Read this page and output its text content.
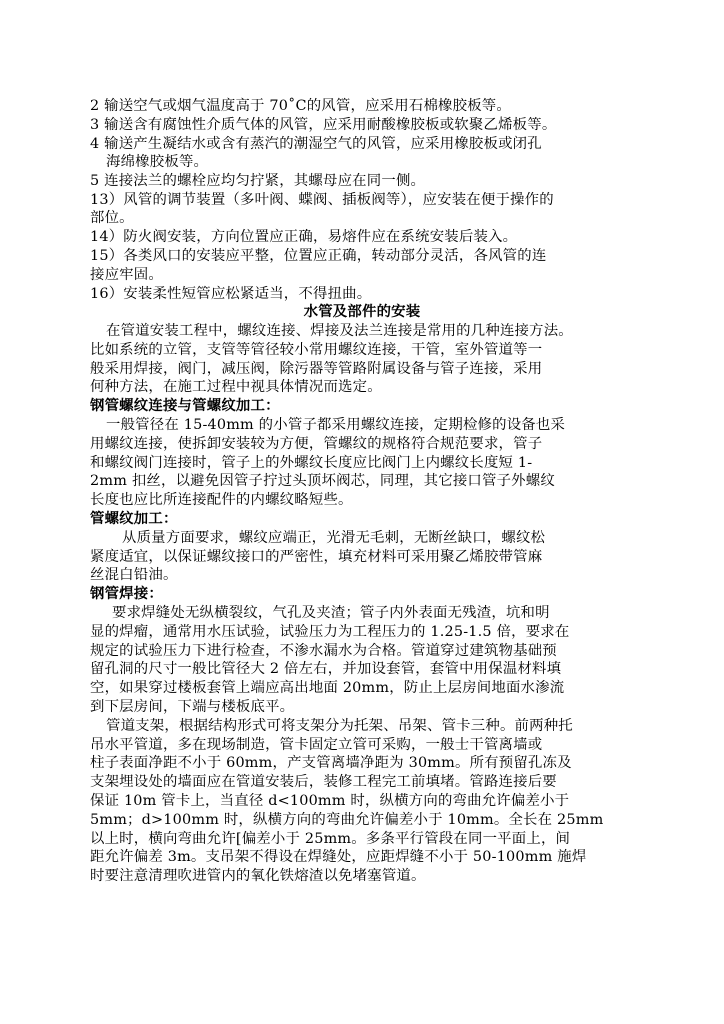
2 输送空气或烟气温度高于 70˚C的风管，应采用石棉橡胶板等。
3 输送含有腐蚀性介质气体的风管，应采用耐酸橡胶板或软聚乙烯板等。
4 输送产生凝结水或含有蒸汽的潮湿空气的风管，应采用橡胶板或闭孔
海绵橡胶板等。
5 连接法兰的螺栓应均匀拧紧，其螺母应在同一侧。
13）风管的调节装置（多叶阀、蝶阀、插板阀等），应安装在便于操作的
部位。
14）防火阀安装，方向位置应正确，易熔件应在系统安装后装入。
15）各类风口的安装应平整，位置应正确，转动部分灵活，各风管的连
接应牢固。
16）安装柔性短管应松紧适当，不得扭曲。
水管及部件的安装
在管道安装工程中，螺纹连接、焊接及法兰连接是常用的几种连接方法。
比如系统的立管，支管等管径较小常用螺纹连接，干管，室外管道等一
般采用焊接，阀门，减压阀，除污器等管路附属设备与管子连接，采用
何种方法，在施工过程中视具体情况而选定。
钢管螺纹连接与管螺纹加工：
一般管径在 15-40mm 的小管子都采用螺纹连接，定期检修的设备也采
用螺纹连接，使拆卸安装较为方便，管螺纹的规格符合规范要求，管子
和螺纹阀门连接时，管子上的外螺纹长度应比阀门上内螺纹长度短 1-
2mm 扣丝，以避免因管子拧过头顶坏阀芯，同理，其它接口管子外螺纹
长度也应比所连接配件的内螺纹略短些。
管螺纹加工：
从质量方面要求，螺纹应端正，光滑无毛刺，无断丝缺口，螺纹松
紧度适宜，以保证螺纹接口的严密性，填充材料可采用聚乙烯胶带管麻
丝混白铅油。
钢管焊接：
要求焊缝处无纵横裂纹，气孔及夹渣；管子内外表面无残渣，坑和明
显的焊瘤，通常用水压试验，试验压力为工程压力的 1.25-1.5 倍，要求在
规定的试验压力下进行检查，不渗水漏水为合格。管道穿过建筑物基础预
留孔洞的尺寸一般比管径大 2 倍左右，并加设套管，套管中用保温材料填
空，如果穿过楼板套管上端应高出地面 20mm，防止上层房间地面水渗流
到下层房间，下端与楼板底平。
管道支架，根据结构形式可将支架分为托架、吊架、管卡三种。前两种托
吊水平管道，多在现场制造，管卡固定立管可采购，一般士干管离墙或
柱子表面净距不小于 60mm，产支管离墙净距为 30mm。所有预留孔冻及
支架埋设处的墙面应在管道安装后，装修工程完工前填堵。管路连接后要
保证 10m 管卡上，当直径 d<100mm 时，纵横方向的弯曲允许偏差小于
5mm；d>100mm 时，纵横方向的弯曲允许偏差小于 10mm。全长在 25mm
以上时，横向弯曲允许[偏差小于 25mm。多条平行管段在同一平面上，间
距允许偏差 3m。支吊架不得设在焊缝处，应距焊缝不小于 50-100mm 施焊
时要注意清理吹进管内的氧化铁熔渣以免堵塞管道。
